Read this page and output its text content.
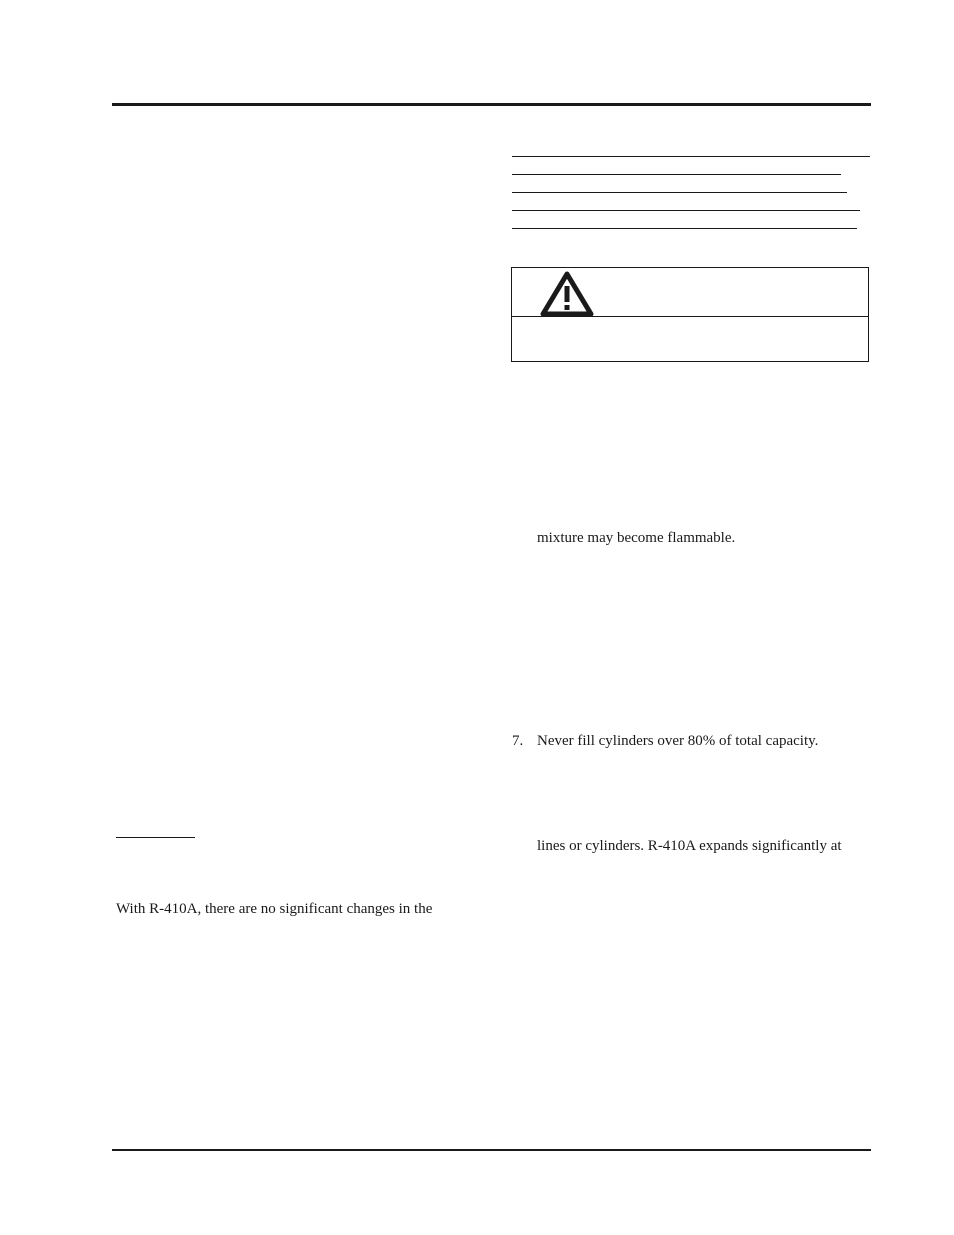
mixture may become flammable.
7. Never fill cylinders over 80% of total capacity.
lines or cylinders. R-410A expands significantly at
With R-410A, there are no significant changes in the
